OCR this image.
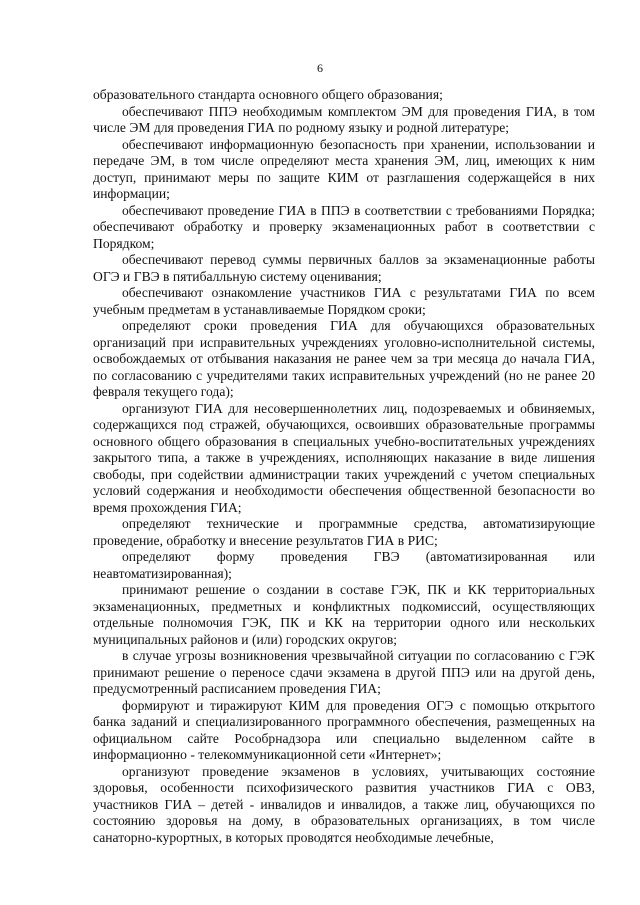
6

образовательного стандарта основного общего образования;

обеспечивают ППЭ необходимым комплектом ЭМ для проведения ГИА, в том числе ЭМ для проведения ГИА по родному языку и родной литературе;

обеспечивают информационную безопасность при хранении, использовании и передаче ЭМ, в том числе определяют места хранения ЭМ, лиц, имеющих к ним доступ, принимают меры по защите КИМ от разглашения содержащейся в них информации;

обеспечивают проведение ГИА в ППЭ в соответствии с требованиями Порядка; обеспечивают обработку и проверку экзаменационных работ в соответствии с Порядком;

обеспечивают перевод суммы первичных баллов за экзаменационные работы ОГЭ и ГВЭ в пятибалльную систему оценивания;

обеспечивают ознакомление участников ГИА с результатами ГИА по всем учебным предметам в устанавливаемые Порядком сроки;

определяют сроки проведения ГИА для обучающихся образовательных организаций при исправительных учреждениях уголовно-исполнительной системы, освобождаемых от отбывания наказания не ранее чем за три месяца до начала ГИА, по согласованию с учредителями таких исправительных учреждений (но не ранее 20 февраля текущего года);

организуют ГИА для несовершеннолетних лиц, подозреваемых и обвиняемых, содержащихся под стражей, обучающихся, освоивших образовательные программы основного общего образования в специальных учебно-воспитательных учреждениях закрытого типа, а также в учреждениях, исполняющих наказание в виде лишения свободы, при содействии администрации таких учреждений с учетом специальных условий содержания и необходимости обеспечения общественной безопасности во время прохождения ГИА;

определяют технические и программные средства, автоматизирующие проведение, обработку и внесение результатов ГИА в РИС;

определяют форму проведения ГВЭ (автоматизированная или неавтоматизированная);

принимают решение о создании в составе ГЭК, ПК и КК территориальных экзаменационных, предметных и конфликтных подкомиссий, осуществляющих отдельные полномочия ГЭК, ПК и КК на территории одного или нескольких муниципальных районов и (или) городских округов;

в случае угрозы возникновения чрезвычайной ситуации по согласованию с ГЭК принимают решение о переносе сдачи экзамена в другой ППЭ или на другой день, предусмотренный расписанием проведения ГИА;

формируют и тиражируют КИМ для проведения ОГЭ с помощью открытого банка заданий и специализированного программного обеспечения, размещенных на официальном сайте Рособрнадзора или специально выделенном сайте в информационно - телекоммуникационной сети «Интернет»;

организуют проведение экзаменов в условиях, учитывающих состояние здоровья, особенности психофизического развития участников ГИА с ОВЗ, участников ГИА – детей - инвалидов и инвалидов, а также лиц, обучающихся по состоянию здоровья на дому, в образовательных организациях, в том числе санаторно-курортных, в которых проводятся необходимые лечебные,
